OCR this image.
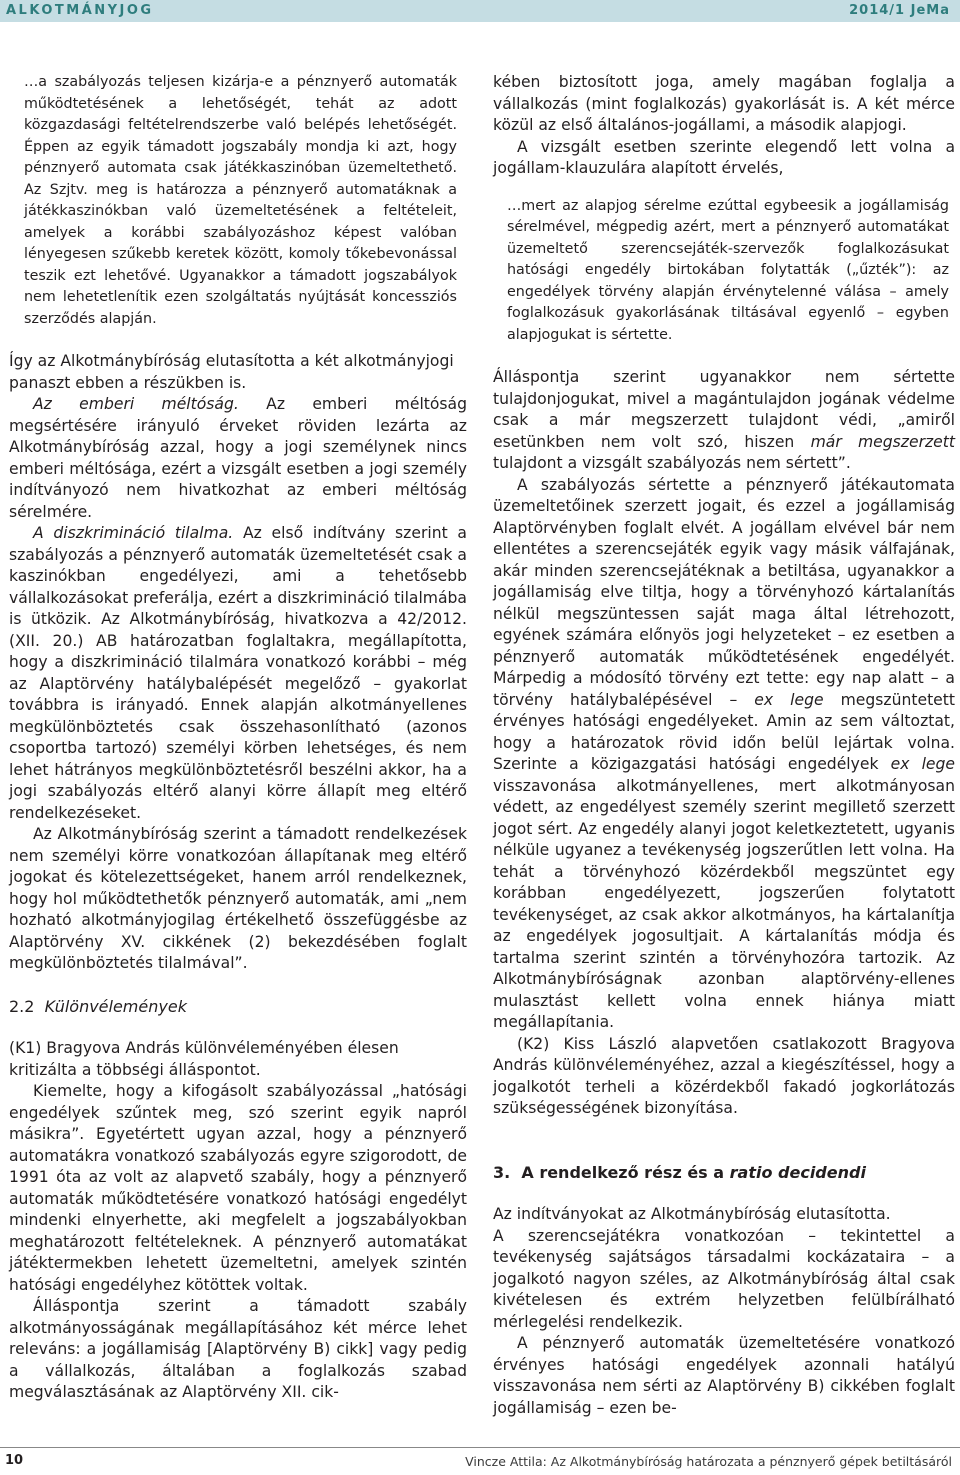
ALKOTMÁNYJOG	2014/1 JeMa

…a szabályozás teljesen kizárja-e a pénznyerő automaták működtetésének a lehetőségét, tehát az adott közgazdasági feltételrendszerbe való belépés lehetőségét. Éppen az egyik támadott jogszabály mondja ki azt, hogy pénznyerő automata csak játékkaszinóban üzemeltethető. Az Szjtv. meg is határozza a pénznyerő automatáknak a játékkaszinókban való üzemeltetésének a feltételeit, amelyek a korábbi szabályozáshoz képest valóban lényegesen szűkebb keretek között, komoly tőkebevonással teszik ezt lehetővé. Ugyanakkor a támadott jogszabályok nem lehetetlenítik ezen szolgáltatás nyújtását koncessziós szerződés alapján.

Így az Alkotmánybíróság elutasította a két alkotmányjogi panaszt ebben a részükben is.

Az emberi méltóság. Az emberi méltóság megsértésére irányuló érveket röviden lezárta az Alkotmánybíróság azzal, hogy a jogi személynek nincs emberi méltósága, ezért a vizsgált esetben a jogi személy indítványozó nem hivatkozhat az emberi méltóság sérelmére.

A diszkrimináció tilalma. Az első indítvány szerint a szabályozás a pénznyerő automaták üzemeltetését csak a kaszinókban engedélyezi, ami a tehetősebb vállalkozásokat preferálja, ezért a diszkrimináció tilalmába is ütközik. Az Alkotmánybíróság, hivatkozva a 42/2012. (XII. 20.) AB határozatban foglaltakra, megállapította, hogy a diszkrimináció tilalmára vonatkozó korábbi – még az Alaptörvény hatálybalépését megelőző – gyakorlat továbbra is irányadó. Ennek alapján alkotmányellenes megkülönböztetés csak összehasonlítható (azonos csoportba tartozó) személyi körben lehetséges, és nem lehet hátrányos megkülönböztetésről beszélni akkor, ha a jogi szabályozás eltérő alanyi körre állapít meg eltérő rendelkezéseket.

Az Alkotmánybíróság szerint a támadott rendelkezések nem személyi körre vonatkozóan állapítanak meg eltérő jogokat és kötelezettségeket, hanem arról rendelkeznek, hogy hol működtethetők pénznyerő automaták, ami „nem hozható alkotmányjogilag értékelhető összefüggésbe az Alaptörvény XV. cikkének (2) bekezdésében foglalt megkülönböztetés tilalmával”.

2.2 Különvélemények

(K1) Bragyova András különvéleményében élesen kritizálta a többségi álláspontot.

Kiemelte, hogy a kifogásolt szabályozással „hatósági engedélyek szűntek meg, szó szerint egyik napról másikra”. Egyetértett ugyan azzal, hogy a pénznyerő automatákra vonatkozó szabályozás egyre szigorodott, de 1991 óta az volt az alapvető szabály, hogy a pénznyerő automaták működtetésére vonatkozó hatósági engedélyt mindenki elnyerhette, aki megfelelt a jogszabályokban meghatározott feltételeknek. A pénznyerő automatákat játéktermekben lehetett üzemeltetni, amelyek szintén hatósági engedélyhez kötöttek voltak.

Álláspontja szerint a támadott szabály alkotmányosságának megállapításához két mérce lehet releváns: a jogállamiság [Alaptörvény B) cikk] vagy pedig a vállalkozás, általában a foglalkozás szabad megválasztásának az Alaptörvény XII. cik-

kében biztosított joga, amely magában foglalja a vállalkozás (mint foglalkozás) gyakorlását is. A két mérce közül az első általános-jogállami, a második alapjogi.

A vizsgált esetben szerinte elegendő lett volna a jogállam-klauzulára alapított érvelés,

…mert az alapjog sérelme ezúttal egybeesik a jogállamiság sérelmével, mégpedig azért, mert a pénznyerő automatákat üzemeltető szerencsejáték-szervezők foglalkozásukat hatósági engedély birtokában folytatták („űzték”): az engedélyek törvény alapján érvénytelenné válása – amely foglalkozásuk gyakorlásának tiltásával egyenlő – egyben alapjogukat is sértette.

Álláspontja szerint ugyanakkor nem sértette tulajdonjogukat, mivel a magántulajdon jogának védelme csak a már megszerzett tulajdont védi, „amiről esetünkben nem volt szó, hiszen már megszerzett tulajdont a vizsgált szabályozás nem sértett”.

A szabályozás sértette a pénznyerő játékautomata üzemeltetőinek szerzett jogait, és ezzel a jogállamiság Alaptörvényben foglalt elvét. A jogállam elvével bár nem ellentétes a szerencsejáték egyik vagy másik válfajának, akár minden szerencsejátéknak a betiltása, ugyanakkor a jogállamiság elve tiltja, hogy a törvényhozó kártalanítás nélkül megszüntessen saját maga által létrehozott, egyének számára előnyös jogi helyzeteket – ez esetben a pénznyerő automaták működtetésének engedélyét. Márpedig a módosító törvény ezt tette: egy nap alatt – a törvény hatálybalépésével – ex lege megszüntetett érvényes hatósági engedélyeket. Amin az sem változtat, hogy a határozatok rövid időn belül lejártak volna. Szerinte a közigazgatási hatósági engedélyek ex lege visszavonása alkotmányellenes, mert alkotmányosan védett, az engedélyest személy szerint megillető szerzett jogot sért. Az engedély alanyi jogot keletkeztetett, ugyanis nélküle ugyanez a tevékenység jogszerűtlen lett volna. Ha tehát a törvényhozó közérdekből megszüntet egy korábban engedélyezett, jogszerűen folytatott tevékenységet, az csak akkor alkotmányos, ha kártalanítja az engedélyek jogosultjait. A kártalanítás módja és tartalma szerint szintén a törvényhozóra tartozik. Az Alkotmánybíróságnak azonban alaptörvény-ellenes mulasztást kellett volna ennek hiánya miatt megállapítania.

(K2) Kiss László alapvetően csatlakozott Bragyova András különvéleményéhez, azzal a kiegészítéssel, hogy a jogalkotót terheli a közérdekből fakadó jogkorlátozás szükségességének bizonyítása.

3. A rendelkező rész és a ratio decidendi

Az indítványokat az Alkotmánybíróság elutasította.

A szerencsejátékra vonatkozóan – tekintettel a tevékenység sajátságos társadalmi kockázataira – a jogalkotó nagyon széles, az Alkotmánybíróság által csak kivételesen és extrém helyzetben felülbírálható mérlegelési rendelkezik.

A pénznyerő automaták üzemeltetésére vonatkozó érvényes hatósági engedélyek azonnali hatályú visszavonása nem sérti az Alaptörvény B) cikkében foglalt jogállamiság – ezen be-

10	Vincze Attila: Az Alkotmánybíróság határozata a pénznyerő gépek betiltásáról
